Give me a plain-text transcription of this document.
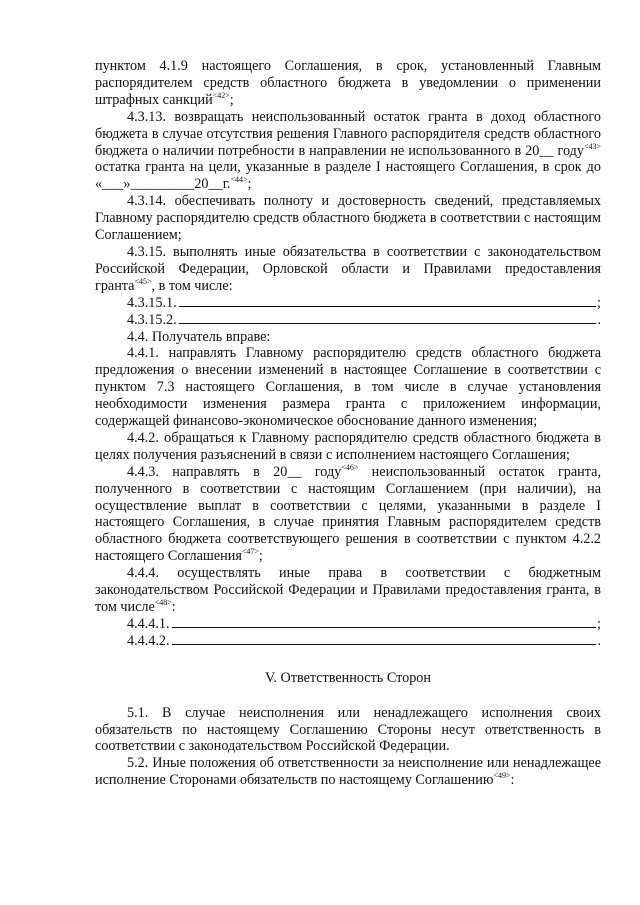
пунктом 4.1.9 настоящего Соглашения, в срок, установленный Главным распорядителем средств областного бюджета в уведомлении о применении штрафных санкций$^{<42>}$;

4.3.13. возвращать неиспользованный остаток гранта в доход областного бюджета в случае отсутствия решения Главного распорядителя средств областного бюджета о наличии потребности в направлении не использованного в 20__ году$^{<43>}$ остатка гранта на цели, указанные в разделе I настоящего Соглашения, в срок до «___»_________20__г.$^{<44>}$;

4.3.14. обеспечивать полноту и достоверность сведений, представляемых Главному распорядителю средств областного бюджета в соответствии с настоящим Соглашением;

4.3.15. выполнять иные обязательства в соответствии с законодательством Российской Федерации, Орловской области и Правилами предоставления гранта$^{<45>}$, в том числе:

4.3.15.1.	;
4.3.15.2.	.

4.4. Получатель вправе:

4.4.1. направлять Главному распорядителю средств областного бюджета предложения о внесении изменений в настоящее Соглашение в соответствии с пунктом 7.3 настоящего Соглашения, в том числе в случае установления необходимости изменения размера гранта с приложением информации, содержащей финансово-экономическое обоснование данного изменения;

4.4.2. обращаться к Главному распорядителю средств областного бюджета в целях получения разъяснений в связи с исполнением настоящего Соглашения;

4.4.3. направлять в 20__ году$^{<46>}$ неиспользованный остаток гранта, полученного в соответствии с настоящим Соглашением (при наличии), на осуществление выплат в соответствии с целями, указанными в разделе I настоящего Соглашения, в случае принятия Главным распорядителем средств областного бюджета соответствующего решения в соответствии с пунктом 4.2.2 настоящего Соглашения$^{<47>}$;

4.4.4. осуществлять иные права в соответствии с бюджетным законодательством Российской Федерации и Правилами предоставления гранта, в том числе$^{<48>}$:

4.4.4.1.	;
4.4.4.2.	.

V. Ответственность Сторон

5.1. В случае неисполнения или ненадлежащего исполнения своих обязательств по настоящему Соглашению Стороны несут ответственность в соответствии с законодательством Российской Федерации.

5.2. Иные положения об ответственности за неисполнение или ненадлежащее исполнение Сторонами обязательств по настоящему Соглашению$^{<49>}$:
